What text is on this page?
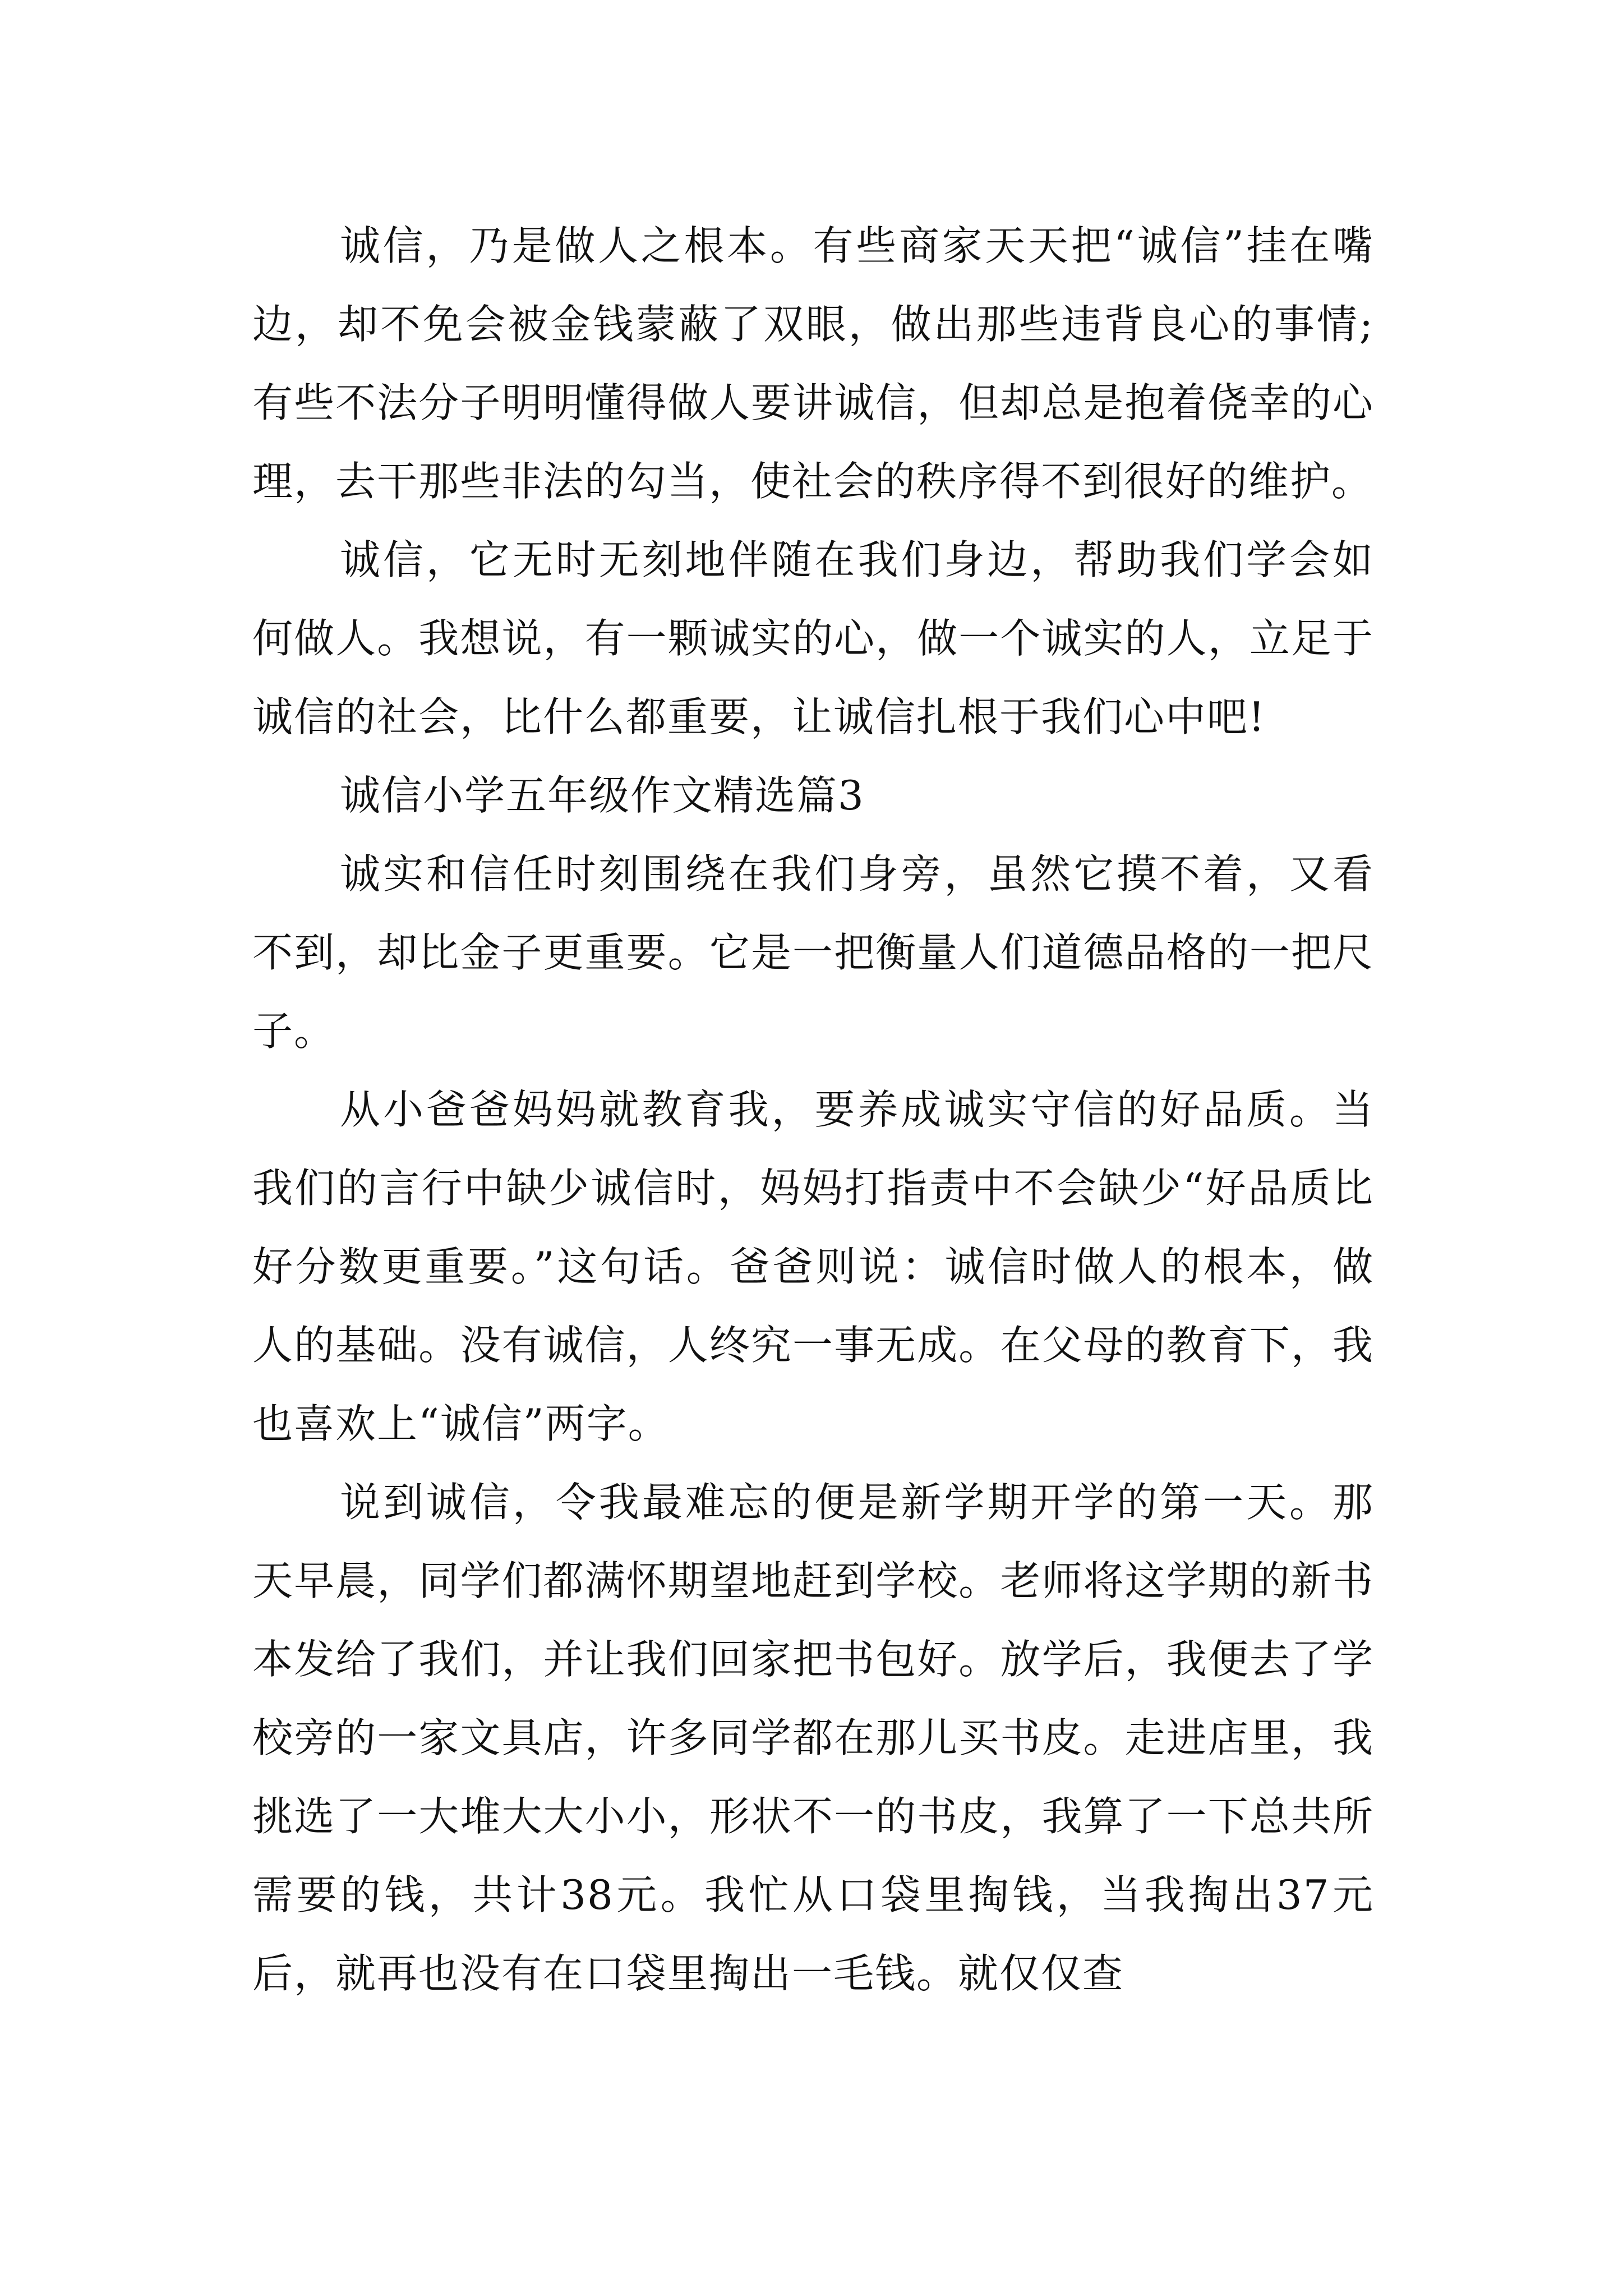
诚信，乃是做人之根本。有些商家天天把“诚信”挂在嘴边，却不免会被金钱蒙蔽了双眼，做出那些违背良心的事情;有些不法分子明明懂得做人要讲诚信，但却总是抱着侥幸的心理，去干那些非法的勾当，使社会的秩序得不到很好的维护。

诚信，它无时无刻地伴随在我们身边，帮助我们学会如何做人。我想说，有一颗诚实的心，做一个诚实的人，立足于诚信的社会，比什么都重要，让诚信扎根于我们心中吧!

诚信小学五年级作文精选篇3

诚实和信任时刻围绕在我们身旁，虽然它摸不着，又看不到，却比金子更重要。它是一把衡量人们道德品格的一把尺子。

从小爸爸妈妈就教育我，要养成诚实守信的好品质。当我们的言行中缺少诚信时，妈妈打指责中不会缺少“好品质比好分数更重要。”这句话。爸爸则说：诚信时做人的根本，做人的基础。没有诚信，人终究一事无成。在父母的教育下，我也喜欢上“诚信”两字。

说到诚信，令我最难忘的便是新学期开学的第一天。那天早晨，同学们都满怀期望地赶到学校。老师将这学期的新书本发给了我们，并让我们回家把书包好。放学后，我便去了学校旁的一家文具店，许多同学都在那儿买书皮。走进店里，我挑选了一大堆大大小小，形状不一的书皮，我算了一下总共所需要的钱，共计38元。我忙从口袋里掏钱，当我掏出37元后，就再也没有在口袋里掏出一毛钱。就仅仅查
